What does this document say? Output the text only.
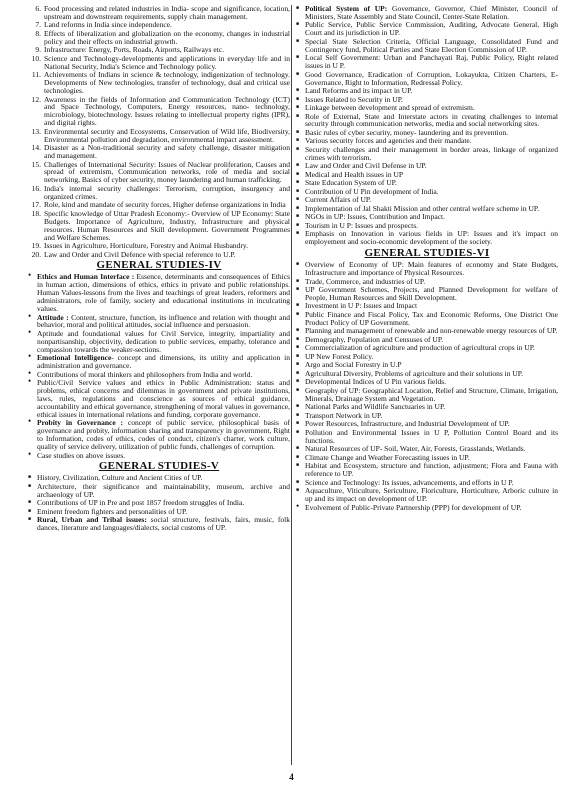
6. Food processing and related industries in India- scope and significance, location, upstream and downstream requirements, supply chain management.
7. Land reforms in India since independence.
8. Effects of liberalization and globalization on the economy, changes in industrial policy and their effects on industrial growth.
9. Infrastructure: Energy, Ports, Roads, Airports, Railways etc.
10. Science and Technology-developments and applications in everyday life and in National Security, India's Science and Technology policy.
11. Achievements of Indians in science & technology, indigenization of technology. Developments of New technologies, transfer of technology, dual and critical use technologies.
12. Awareness in the fields of Information and Communication Technology (ICT) and Space Technology, Computers, Energy resources, nano- technology, microbiology, biotechnology. Issues relating to intellectual property rights (IPR), and digital rights.
13. Environmental security and Ecosystems, Conservation of Wild life, Biodiversity, Environmental pollution and degradation, environmental impact assessment.
14. Disaster as a Non-traditional security and safety challenge, disaster mitigation and management.
15. Challenges of International Security: Issues of Nuclear proliferation, Causes and spread of extremism, Communication networks, role of media and social networking, Basics of cyber security, money laundering and human trafficking.
16. India's internal security challenges: Terrorism, corruption, insurgency and organized crimes.
17. Role, kind and mandate of security forces, Higher defense organizations in India
18. Specific knowledge of Uttar Pradesh Economy:- Overview of UP Economy: State Budgets. Importance of Agriculture, Industry, Infrastructure and physical resources. Human Resources and Skill development. Government Programmes and Welfare Schemes.
19. Issues in Agriculture, Horticulture, Forestry and Animal Husbandry.
20. Law and Order and Civil Defence with special reference to U.P.
GENERAL STUDIES-IV
• Ethics and Human Interface : Essence, determinants and consequences of Ethics in human action, dimensions of ethics, ethics in private and public relationships. Human Values-lessons from the lives and teachings of great leaders, reformers and administrators, role of family, society and educational institutions in inculcating values.
• Attitude : Content, structure, function, its influence and relation with thought and behavior, moral and political attitudes, social influence and persuasion.
• Aptitude and foundational values for Civil Service, integrity, impartiality and nonpartisanship, objectivity, dedication to public services, empathy, tolerance and compassion towards the weaker-sections.
• Emotional Intelligence- concept and dimensions, its utility and application in administration and governance.
• Contributions of moral thinkers and philosophers from India and world.
• Public/Civil Service values and ethics in Public Administration: status and problems, ethical concerns and dilemmas in government and private institutions, laws, rules, regulations and conscience as sources of ethical guidance, accountability and ethical governance, strengthening of moral values in governance, ethical issues in international relations and funding, corporate governance.
• Probity in Governance : concept of public service, philosophical basis of governance and probity, information sharing and transparency in government, Right to Information, codes of ethics, codes of conduct, citizen's charter, work culture, quality of service delivery, utilization of public funds, challenges of corruption.
• Case studies on above issues.
GENERAL STUDIES-V
■ History, Civilization, Culture and Ancient Cities of UP.
■ Architecture, their significance and maintainability, museum, archive and archaeology of UP.
■ Contributions of UP in Pre and post 1857 freedom struggles of India.
■ Eminent freedom fighters and personalities of UP.
■ Rural, Urban and Tribal issues: social structure, festivals, fairs, music, folk dances, literature and languages/dialects, social customs of UP.
■ Political System of UP: Governance, Governor, Chief Minister, Council of Ministers, State Assembly and State Council, Center-State Relation.
■ Public Service, Public Service Commission, Auditing, Advocate General, High Court and its jurisdiction in UP.
■ Special State Selection Criteria, Official Language, Consolidated Fund and Contingency fund, Political Parties and State Election Commission of UP.
■ Local Self Government: Urban and Panchayati Raj, Public Policy, Right related issues in U P.
■ Good Governance, Eradication of Corruption, Lokayukta, Citizen Charters, E-Governance, Right to Information, Redressal Policy.
■ Land Reforms and its impact in UP.
■ Issues Related to Security in UP.
■ Linkage between development and spread of extremism.
■ Role of External, State and Interstate actors in creating challenges to internal security through communication networks, media and social networking sites.
■ Basic rules of cyber security, money- laundering and its prevention.
■ Various security forces and agencies and their mandate.
■ Security challenges and their management in border areas, linkage of organized crimes with terrorism.
■ Law and Order and Civil Defense in UP.
■ Medical and Health issues in UP
■ State Education System of UP.
■ Contribution of U Pin development of India.
■ Current Affairs of UP.
■ Implementation of Jal Shakti Mission and other central welfare scheme in UP.
■ NGOs in UP: Issues, Contribution and Impact.
■ Tourism in U P: Issues and prospects.
■ Emphasis on Innovation in various fields in UP: Issues and it's impact on employement and socio-economic development of the society.
GENERAL STUDIES-VI
■ Overview of Economy of UP: Main features of economy and State Budgets, Infrastructure and importance of Physical Resources.
■ Trade, Commerce, and industries of UP.
■ UP Government Schemes, Projects, and Planned Development for welfare of People, Human Resources and Skill Development.
■ Investment in U P: Issues and Impact
■ Public Finance and Fiscal Policy, Tax and Economic Reforms, One District One Product Policy of UP Government.
■ Planning and management of renewable and non-renewable energy resources of UP.
■ Demography, Population and Censuses of UP.
■ Commercialization of agriculture and production of agricultural crops in UP.
■ UP New Forest Policy.
■ Argo and Social Forestry in U.P
■ Agricultural Diversity, Problems of agriculture and their solutions in UP.
■ Developmental Indices of U Pin various fields.
■ Geography of UP: Geographical Location, Relief and Structure, Climate, Irrigation, Minerals, Drainage System and Vegetation.
■ National Parks and Wildlife Sanctuaries in UP.
■ Transport Network in UP.
■ Power Resources, Infrastructure, and Industrial Development of UP.
■ Pollution and Environmental Issues in U P, Pollution Control Board and its functions.
■ Natural Resources of UP- Soil, Water, Air, Forests, Grasslands, Wetlands.
■ Climate Change and Weather Forecasting issues in UP.
■ Habitat and Ecosystem, structure and function, adjustment; Flora and Fauna with reference to UP.
■ Science and Technology: Its issues, advancements, and efforts in U P.
■ Aquaculture, Viticulture, Sericulture, Floriculture, Horticulture, Arboric culture in up and its impact on development of UP.
• Evolvement of Public-Private Partnership (PPP) for development of UP.
4
